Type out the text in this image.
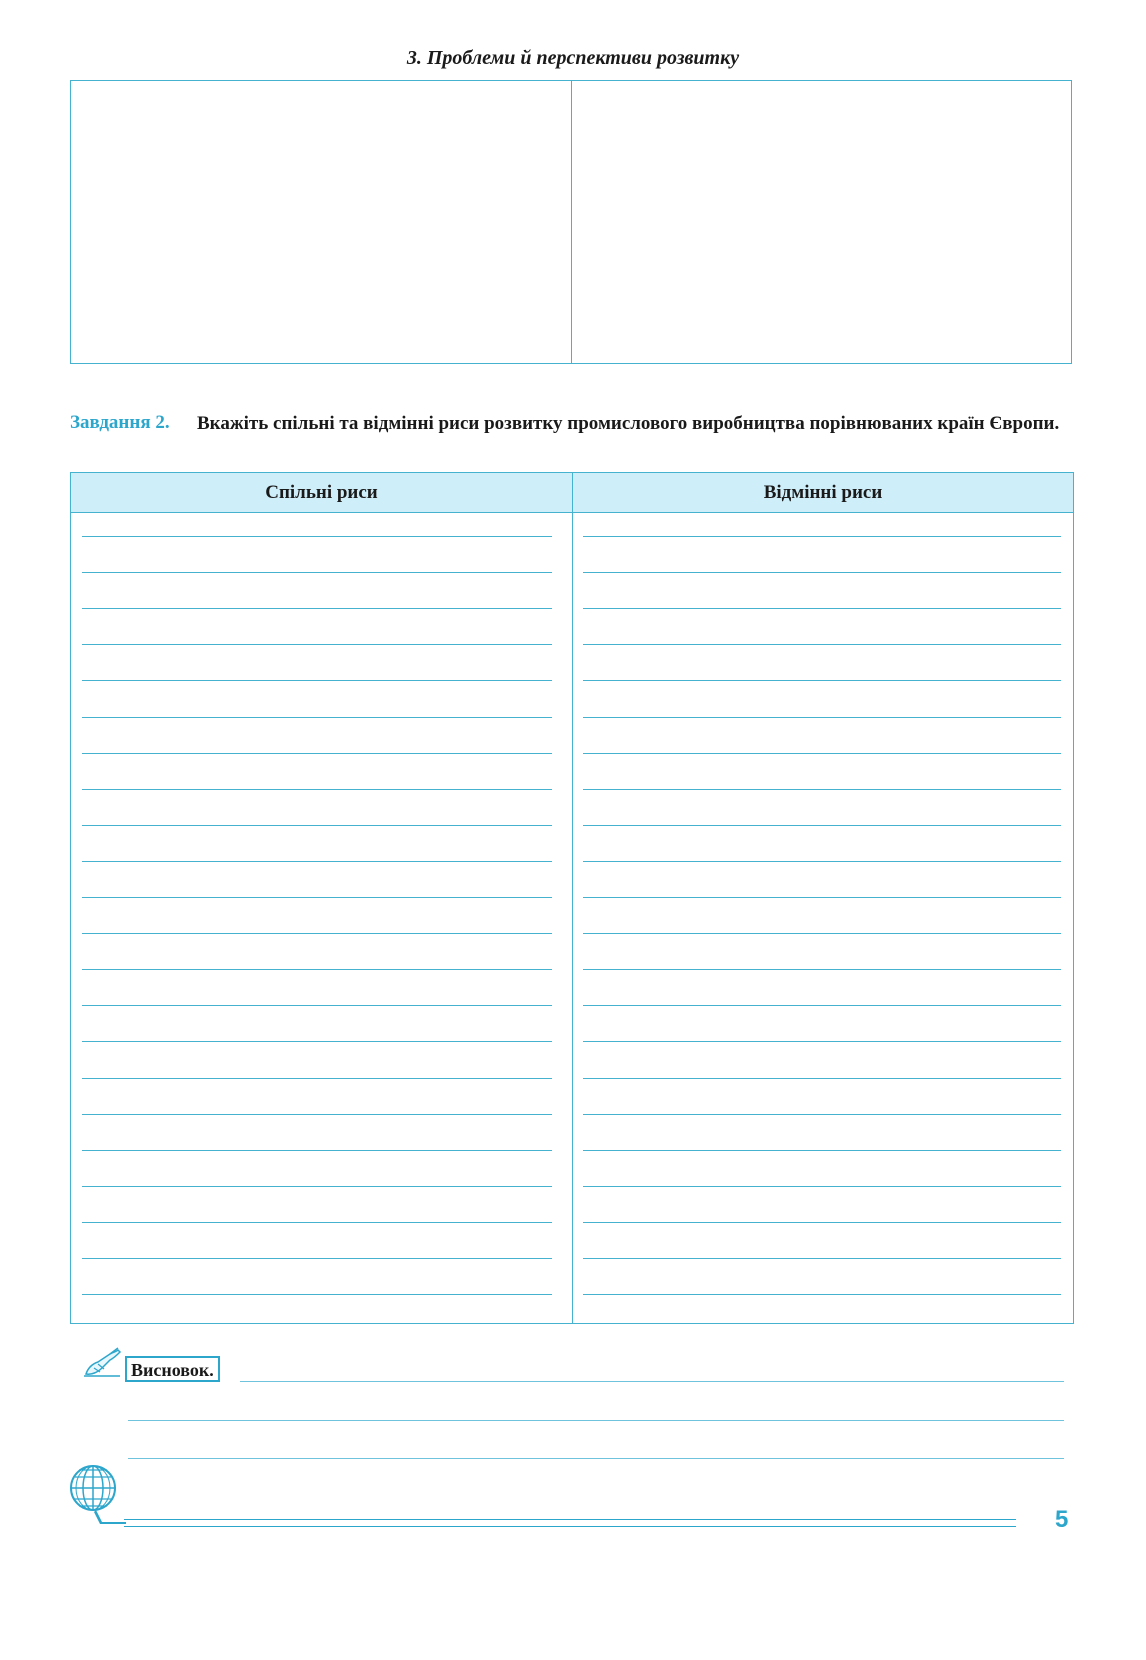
3. Проблеми й перспективи розвитку
Завдання 2. Вкажіть спільні та відмінні риси розвитку промислового виробництва порівнюваних країн Європи.
Спільні риси	Відмінні риси
Висновок.
5
